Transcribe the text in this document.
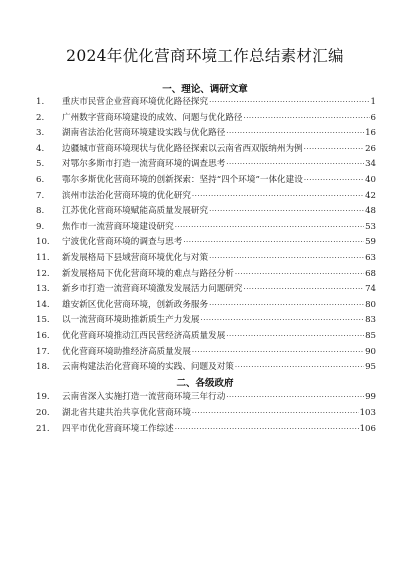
2024年优化营商环境工作总结素材汇编
一、理论、调研文章
1.	重庆市民营企业营商环境优化路径探究 ·····	1
2.	广州数字营商环境建设的成效、问题与优化路径 ·····	6
3.	湖南省法治化营商环境建设实践与优化路径 ·····	16
4.	边疆城市营商环境现状与优化路径探索以云南省西双版纳州为例 ·····	26
5.	对鄂尔多斯市打造一流营商环境的调查思考 ·····	34
6.	鄂尔多斯优化营商环境的创新探索：坚持“四个环境”一体化建设 ·····	40
7.	滨州市法治化营商环境的优化研究 ·····	42
8.	江苏优化营商环境赋能高质量发展研究 ·····	48
9.	焦作市一流营商环境建设研究 ·····	53
10.	宁波优化营商环境的调查与思考 ·····	59
11.	新发展格局下县域营商环境优化与对策 ·····	63
12.	新发展格局下优化营商环境的难点与路径分析 ·····	68
13.	新乡市打造一流营商环境激发发展活力问题研究 ·····	74
14.	雄安新区优化营商环境，创新政务服务 ·····	80
15.	以一流营商环境助推新质生产力发展 ·····	83
16.	优化营商环境推动江西民营经济高质量发展 ·····	85
17.	优化营商环境助推经济高质量发展 ·····	90
18.	云南构建法治化营商环境的实践、问题及对策 ·····	95
二、各级政府
19.	云南省深入实施打造一流营商环境三年行动 ·····	99
20.	湖北省共建共治共享优化营商环境 ·····	103
21.	四平市优化营商环境工作综述 ·····	106
